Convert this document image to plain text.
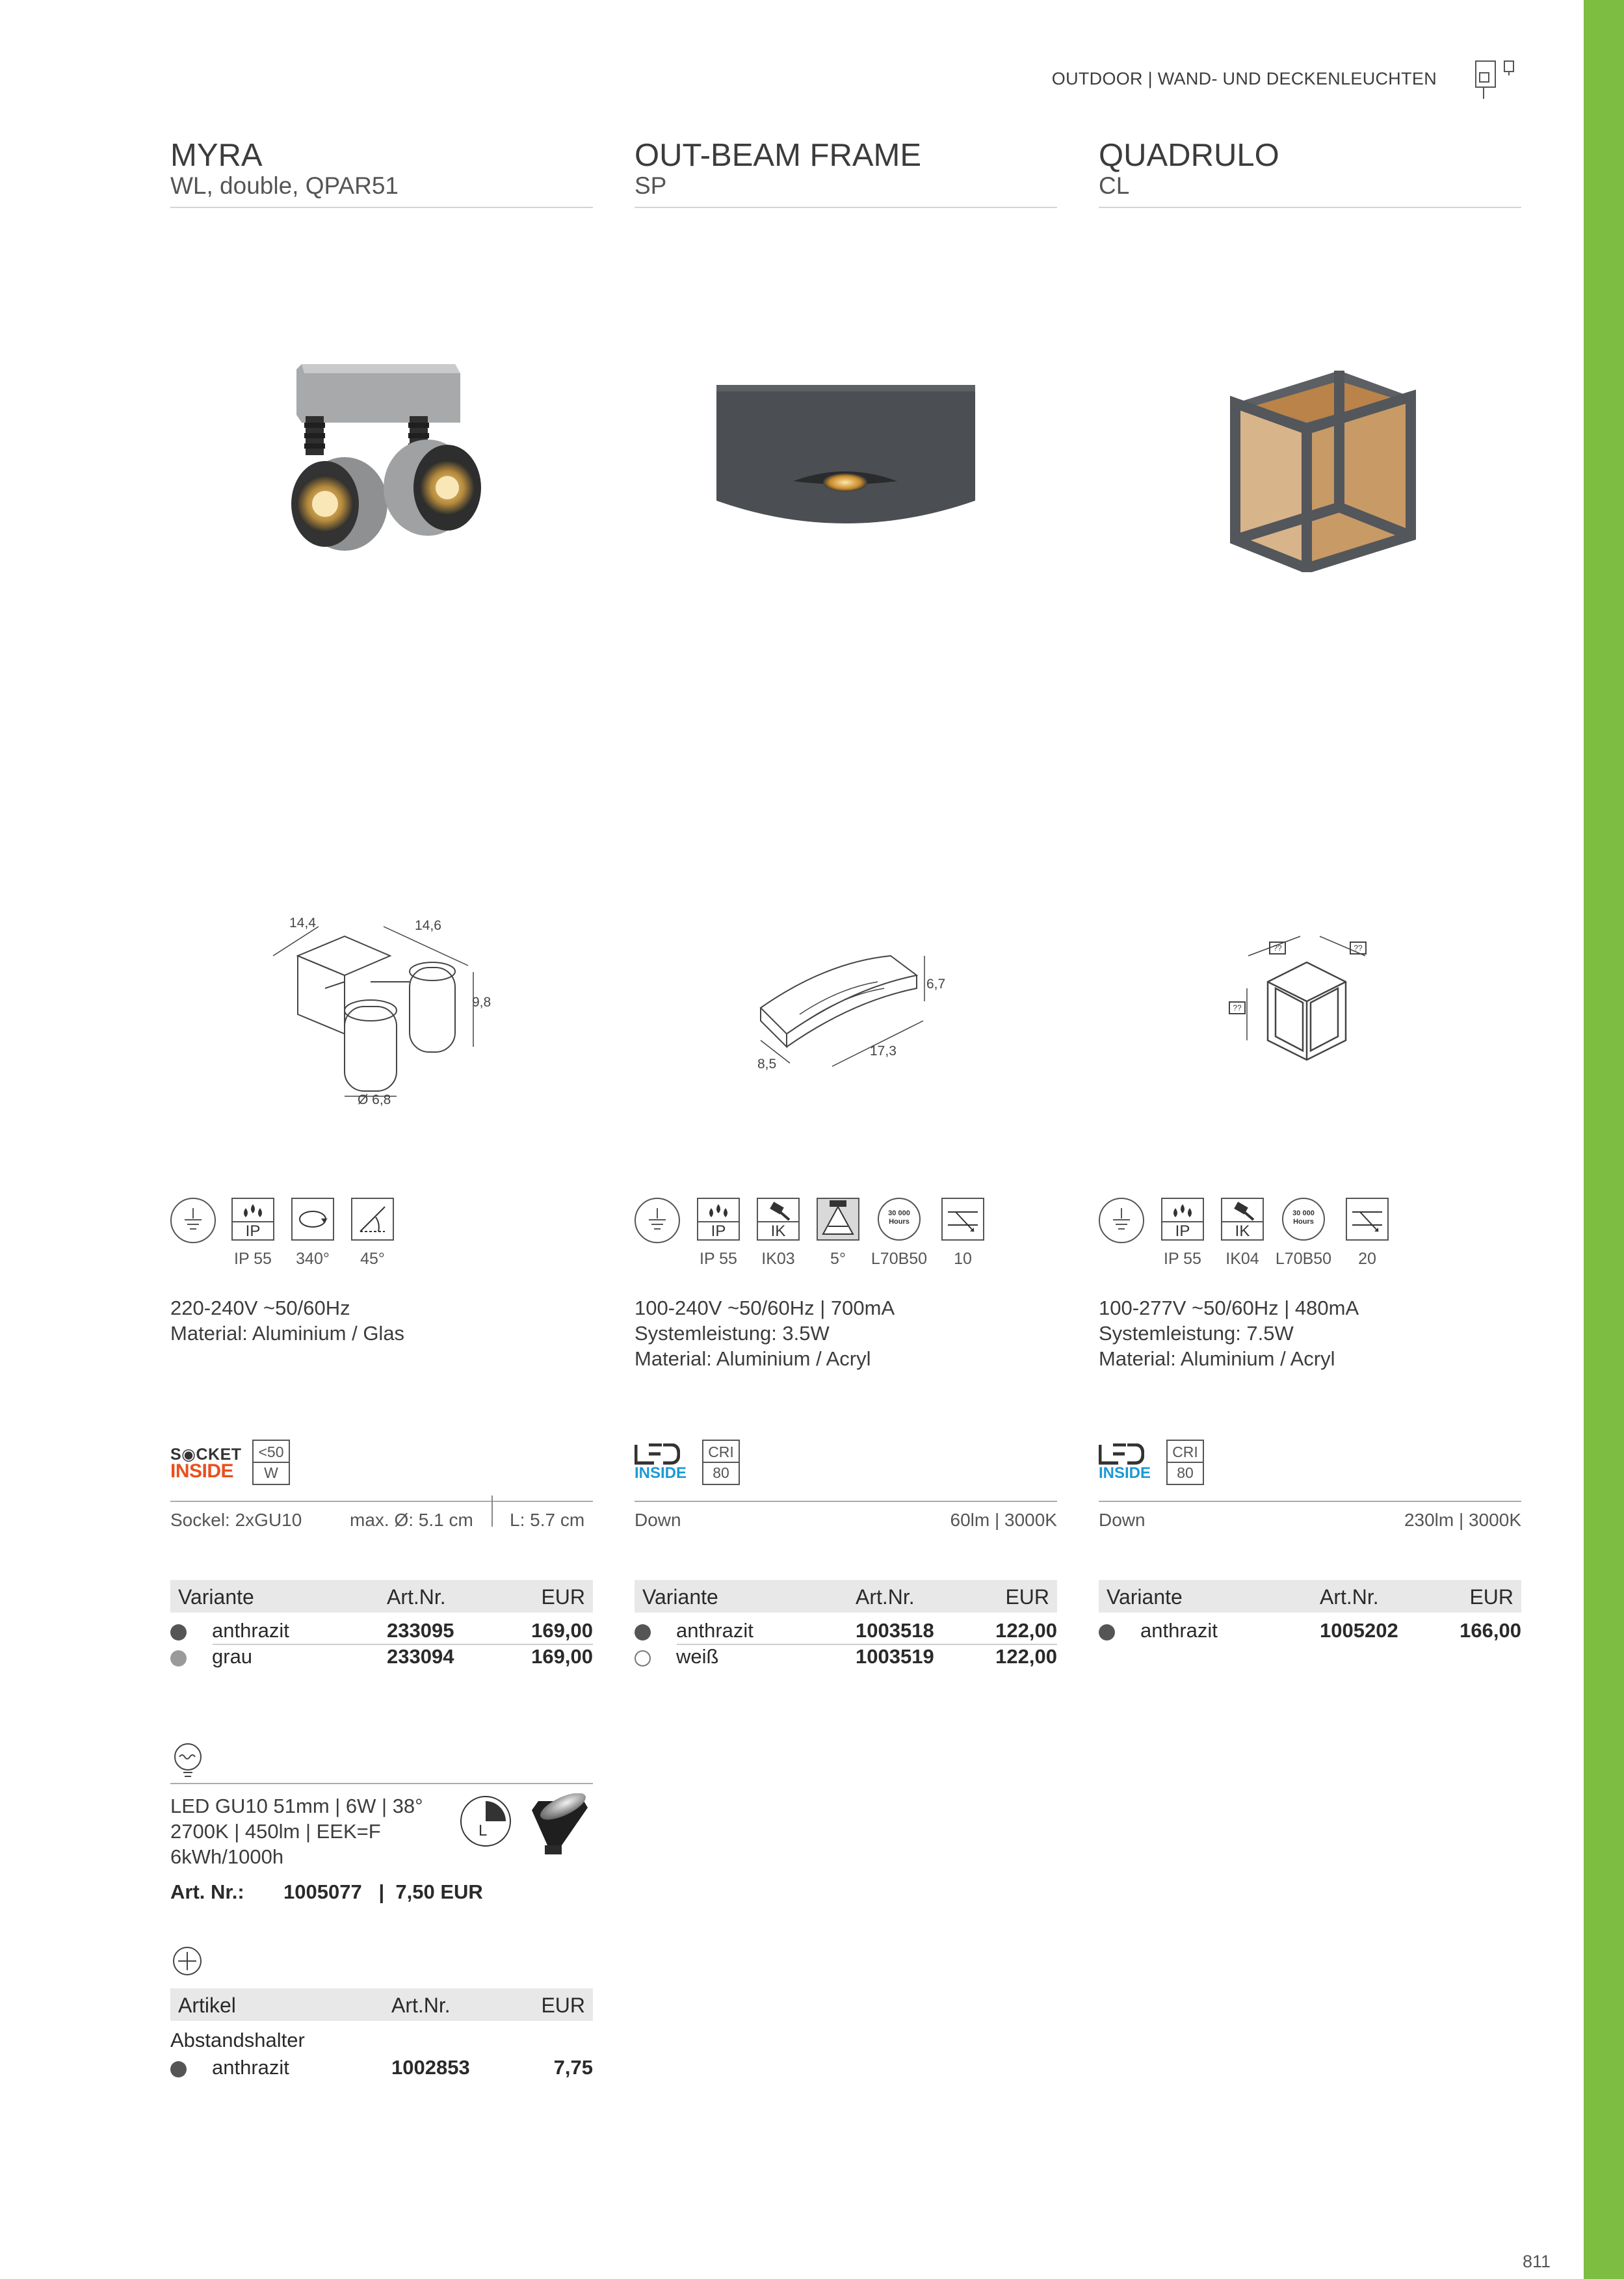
OUTDOOR | WAND- UND DECKENLEUCHTEN
MYRA
WL, double, QPAR51
14,4	14,6
9,8
Ø 6,8
IP
IP 55	340°	45°
220-240V ~50/60Hz
Material: Aluminium / Glas
S◉CKET
INSIDE
<50
W
Sockel: 2xGU10	max. Ø: 5.1 cm L: 5.7 cm
Variante	Art.Nr.	EUR
anthrazit	233095	169,00
grau	233094	169,00
OUT-BEAM FRAME
SP
6,7
17,3
8,5
IP	IK
30 000 Hours
IP 55	IK03	5°	L70B50	10
100-240V ~50/60Hz | 700mA
Systemleistung: 3.5W
Material: Aluminium / Acryl
INSIDE
CRI
80
Down	60lm | 3000K
Variante	Art.Nr.	EUR
anthrazit	1003518	122,00
weiß	1003519	122,00
QUADRULO
CL
??	??
??
IP	IK
30 000 Hours
IP 55	IK04	L70B50	20
100-277V ~50/60Hz | 480mA
Systemleistung: 7.5W
Material: Aluminium / Acryl
INSIDE
CRI
80
Down	230lm | 3000K
Variante	Art.Nr.	EUR
anthrazit	1005202	166,00
LED GU10 51mm | 6W | 38°
2700K | 450lm | EEK=F
6kWh/1000h
L
Art. Nr.: 1005077   |  7,50 EUR
Artikel	Art.Nr.	EUR
Abstandshalter
anthrazit	1002853	7,75
811
